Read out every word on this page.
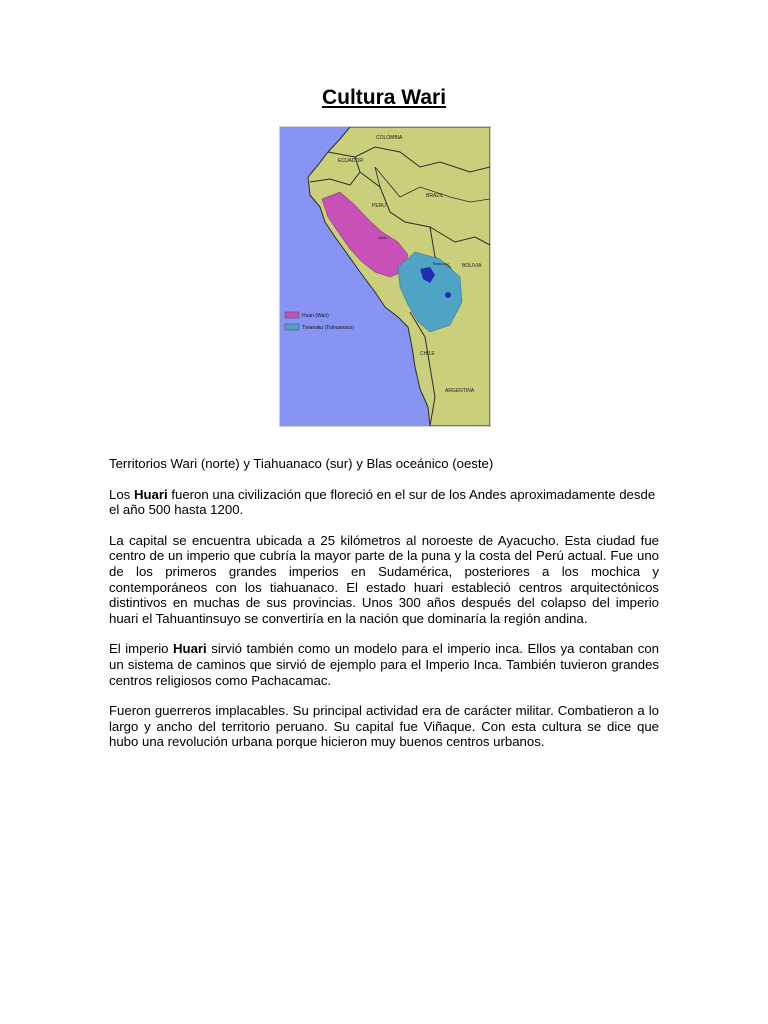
Cultura Wari
COLOMBIA
ECUADOR
PERU
BRAZIL
BOLIVIA
CHILE
ARGENTINA
Huari
Tiwanaku
Huari (Wari)
Tiwanaku (Tiahuanaco)

Territorios Wari (norte) y Tiahuanaco (sur) y Blas oceánico (oeste)

Los Huari fueron una civilización que floreció en el sur de los Andes aproximadamente desde el año 500 hasta 1200.

La capital se encuentra ubicada a 25 kilómetros al noroeste de Ayacucho. Esta ciudad fue centro de un imperio que cubría la mayor parte de la puna y la costa del Perú actual. Fue uno de los primeros grandes imperios en Sudamérica, posteriores a los mochica y contemporáneos con los tiahuanaco. El estado huari estableció centros arquitectónicos distintivos en muchas de sus provincias. Unos 300 años después del colapso del imperio huari el Tahuantinsuyo se convertiría en la nación que dominaría la región andina.

El imperio Huari sirvió también como un modelo para el imperio inca. Ellos ya contaban con un sistema de caminos que sirvió de ejemplo para el Imperio Inca. También tuvieron grandes centros religiosos como Pachacamac.

Fueron guerreros implacables. Su principal actividad era de carácter militar. Combatieron a lo largo y ancho del territorio peruano. Su capital fue Viñaque. Con esta cultura se dice que hubo una revolución urbana porque hicieron muy buenos centros urbanos.
